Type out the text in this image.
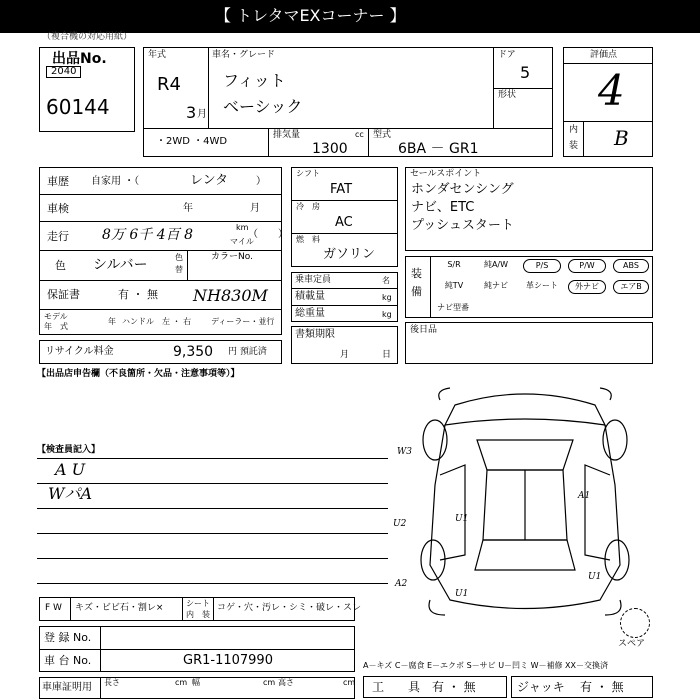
【 トレタマEXコーナー 】
（複合機の対応用紙）
出品No.
2040
60144
年式
R4
3 月
車名・グレード
フィット
ベーシック
ドア
5
形状
・2WD ・4WD
排気量	cc
1300
型式
6BA － GR1
評価点
4
内
装 B
車歴 自家用 ・（	レンタ	）
車検	年	月
走行 8万 6千 4百 8	km
マイル
（　　）
色 シルバー	色
替
カラーNo.
NH830M
保証書	有 ・ 無
モデル
年　式
年 ハンドル　左 ・ 右 ディーラー・並行
リサイクル料金	9,350 円 預託済
【出品店申告欄（不良箇所・欠品・注意事項等）】
シフト
FAT
冷　房
AC
燃　料
ガソリン
乗車定員	名
積載量	kg
総重量	kg
書類期限
月	日
セールスポイント
ホンダセンシング
ナビ、ETC
プッシュスタート
装
備
S/R	純A/W	P/S	P/W	ABS
純TV	純ナビ	革シート	外ナビ	エアB
ナビ型番
後日品
【検査員記入】
A U
WパA
W3
U2
A2
U1
U1
A1
U1
スペア
F W キズ・ビビ石・割レ×	シート
内　装
コゲ・穴・汚レ・シミ・破レ・スレ
登 録 No.
車 台 No.	GR1-1107990
車庫証明用 長さ	cm 幅	cm 高さ	cm
A－キズ C－腐食 E－エクボ S－サビ U－凹ミ W－補修 XX－交換済
工　　具 有 ・ 無	ジャッキ 有 ・ 無
